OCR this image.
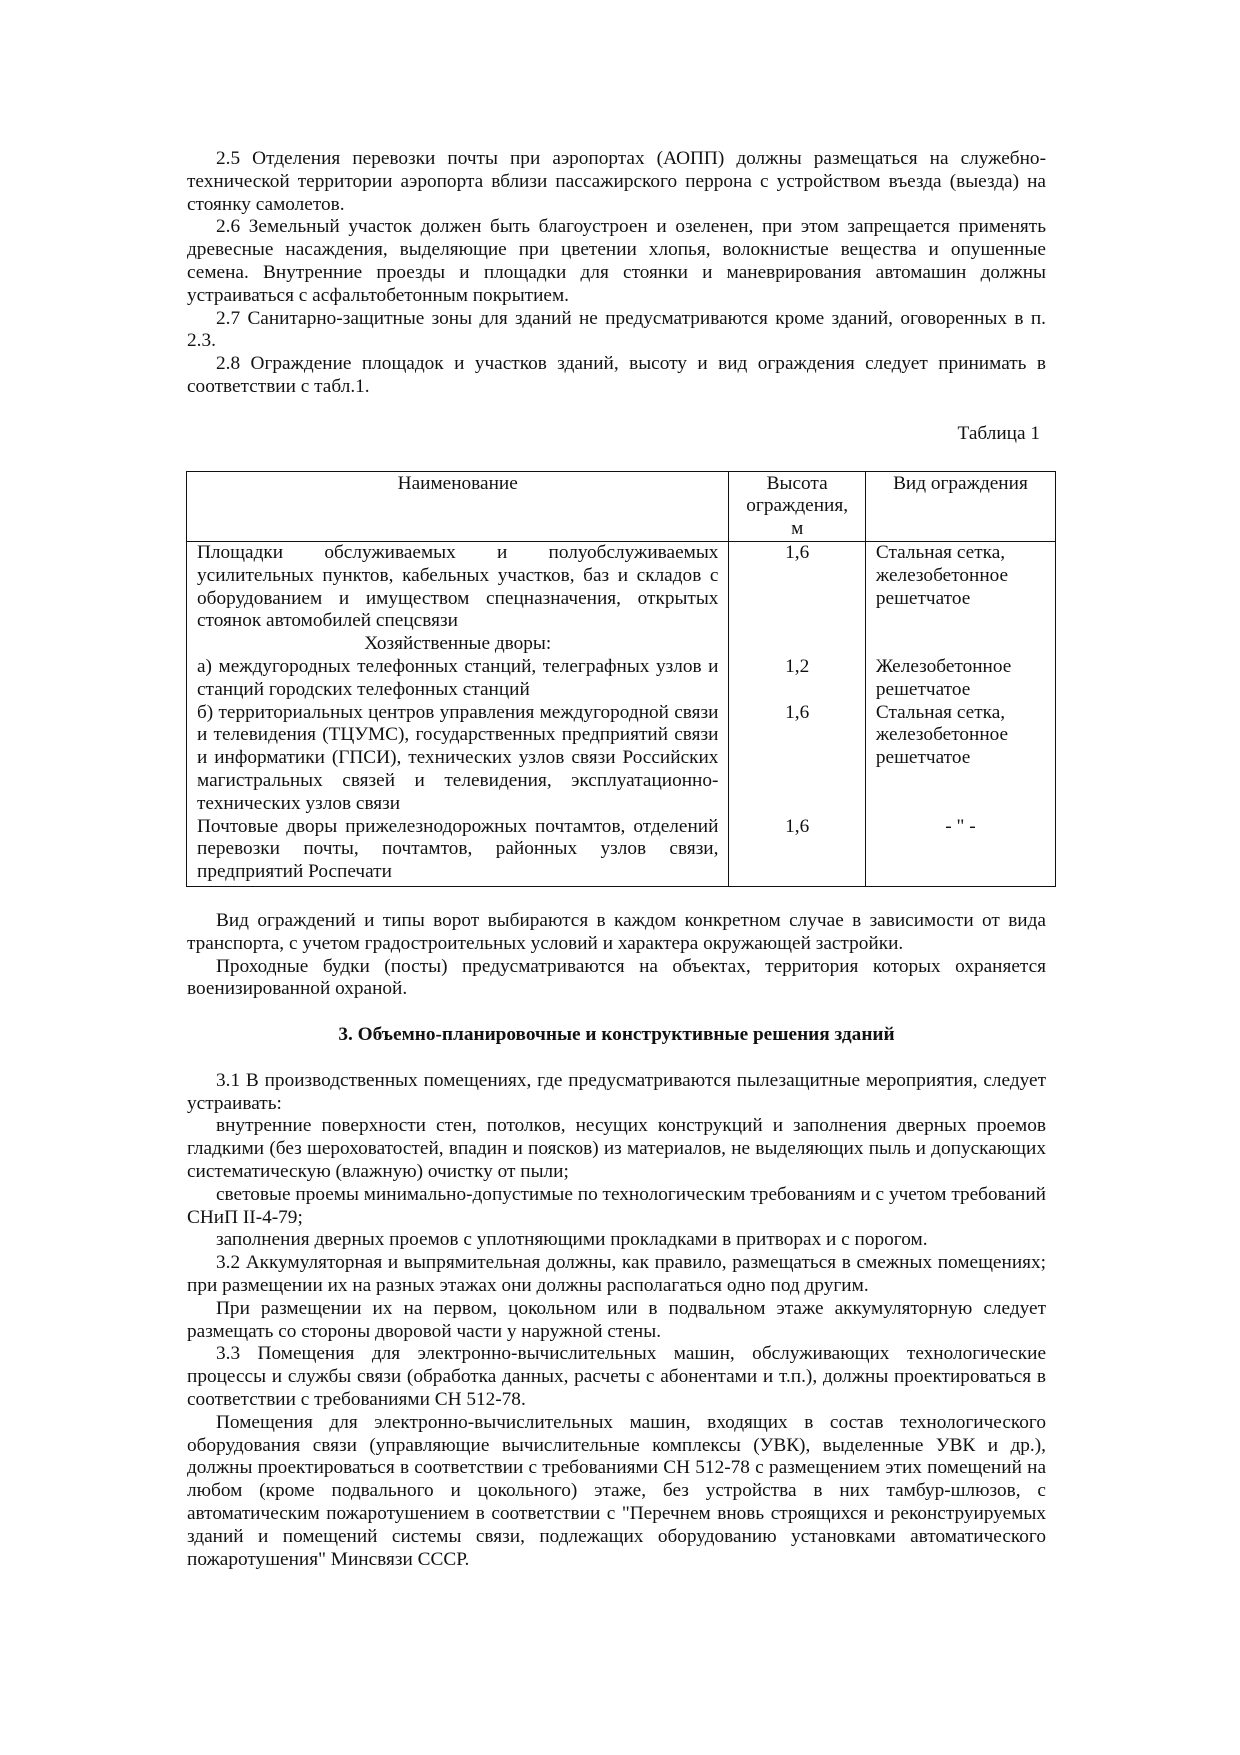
2.5 Отделения перевозки почты при аэропортах (АОПП) должны размещаться на служебно-технической территории аэропорта вблизи пассажирского перрона с устройством въезда (выезда) на стоянку самолетов.

2.6 Земельный участок должен быть благоустроен и озеленен, при этом запрещается применять древесные насаждения, выделяющие при цветении хлопья, волокнистые вещества и опушенные семена. Внутренние проезды и площадки для стоянки и маневрирования автомашин должны устраиваться с асфальтобетонным покрытием.

2.7 Санитарно-защитные зоны для зданий не предусматриваются кроме зданий, оговоренных в п. 2.3.

2.8 Ограждение площадок и участков зданий, высоту и вид ограждения следует принимать в соответствии с табл.1.

Таблица 1

Наименование	Высота ограждения, м	Вид ограждения
Площадки обслуживаемых и полуобслуживаемых усилительных пунктов, кабельных участков, баз и складов с оборудованием и имуществом спецназначения, открытых стоянок автомобилей спецсвязи	1,6	Стальная сетка, железобетонное решетчатое
Хозяйственные дворы:		
а) междугородных телефонных станций, телеграфных узлов и станций городских телефонных станций	1,2	Железобетонное решетчатое
б) территориальных центров управления междугородной связи и телевидения (ТЦУМС), государственных предприятий связи и информатики (ГПСИ), технических узлов связи Российских магистральных связей и телевидения, эксплуатационно-технических узлов связи	1,6	Стальная сетка, железобетонное решетчатое
Почтовые дворы прижелезнодорожных почтамтов, отделений перевозки почты, почтамтов, районных узлов связи, предприятий Роспечати	1,6	- " -

Вид ограждений и типы ворот выбираются в каждом конкретном случае в зависимости от вида транспорта, с учетом градостроительных условий и характера окружающей застройки.

Проходные будки (посты) предусматриваются на объектах, территория которых охраняется военизированной охраной.

3. Объемно-планировочные и конструктивные решения зданий

3.1 В производственных помещениях, где предусматриваются пылезащитные мероприятия, следует устраивать:

внутренние поверхности стен, потолков, несущих конструкций и заполнения дверных проемов гладкими (без шероховатостей, впадин и поясков) из материалов, не выделяющих пыль и допускающих систематическую (влажную) очистку от пыли;

световые проемы минимально-допустимые по технологическим требованиям и с учетом требований СНиП II-4-79;

заполнения дверных проемов с уплотняющими прокладками в притворах и с порогом.

3.2 Аккумуляторная и выпрямительная должны, как правило, размещаться в смежных помещениях; при размещении их на разных этажах они должны располагаться одно под другим.

При размещении их на первом, цокольном или в подвальном этаже аккумуляторную следует размещать со стороны дворовой части у наружной стены.

3.3 Помещения для электронно-вычислительных машин, обслуживающих технологические процессы и службы связи (обработка данных, расчеты с абонентами и т.п.), должны проектироваться в соответствии с требованиями СН 512-78.

Помещения для электронно-вычислительных машин, входящих в состав технологического оборудования связи (управляющие вычислительные комплексы (УВК), выделенные УВК и др.), должны проектироваться в соответствии с требованиями СН 512-78 с размещением этих помещений на любом (кроме подвального и цокольного) этаже, без устройства в них тамбур-шлюзов, с автоматическим пожаротушением в соответствии с "Перечнем вновь строящихся и реконструируемых зданий и помещений системы связи, подлежащих оборудованию установками автоматического пожаротушения" Минсвязи СССР.
